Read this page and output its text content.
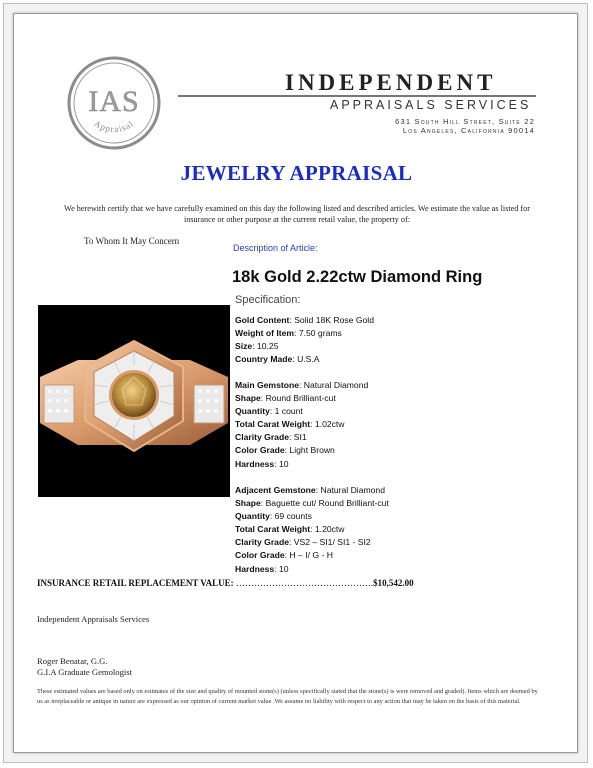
IAS
Appraisal
INDEPENDENT
APPRAISALS SERVICES
631 South Hill Street, Suite 22
Los Angeles, California 90014
JEWELRY APPRAISAL
We herewith certify that we have carefully examined on this day the following listed and described articles. We estimate the value as listed for insurance or other purpose at the current retail value, the property of:
To Whom It May Concern
Description of Article:
18k Gold 2.22ctw Diamond Ring
Specification:
Gold Content: Solid 18K Rose Gold
Weight of Item: 7.50 grams
Size: 10.25
Country Made: U.S.A
Main Gemstone: Natural Diamond
Shape: Round Brilliant-cut
Quantity: 1 count
Total Carat Weight: 1.02ctw
Clarity Grade: SI1
Color Grade: Light Brown
Hardness: 10
Adjacent Gemstone: Natural Diamond
Shape: Baguette cut/ Round Brilliant-cut
Quantity: 69 counts
Total Carat Weight: 1.20ctw
Clarity Grade: VS2 – SI1/ SI1 - SI2
Color Grade: H – I/ G - H
Hardness: 10
INSURANCE RETAIL REPLACEMENT VALUE: ……………………………………….$10,542.00
Independent Appraisals Services
Roger Benatar, G.G.
G.I.A Graduate Gemologist
These estimated values are based only on estimates of the size and quality of mounted stone(s) (unless specifically stated that the stone(s) is were removed and graded). Items which are deemed by us as irreplaceable or antique in nature are expressed as our opinion of current market value .We assume no liability with respect to any action that may be taken on the basis of this material.
